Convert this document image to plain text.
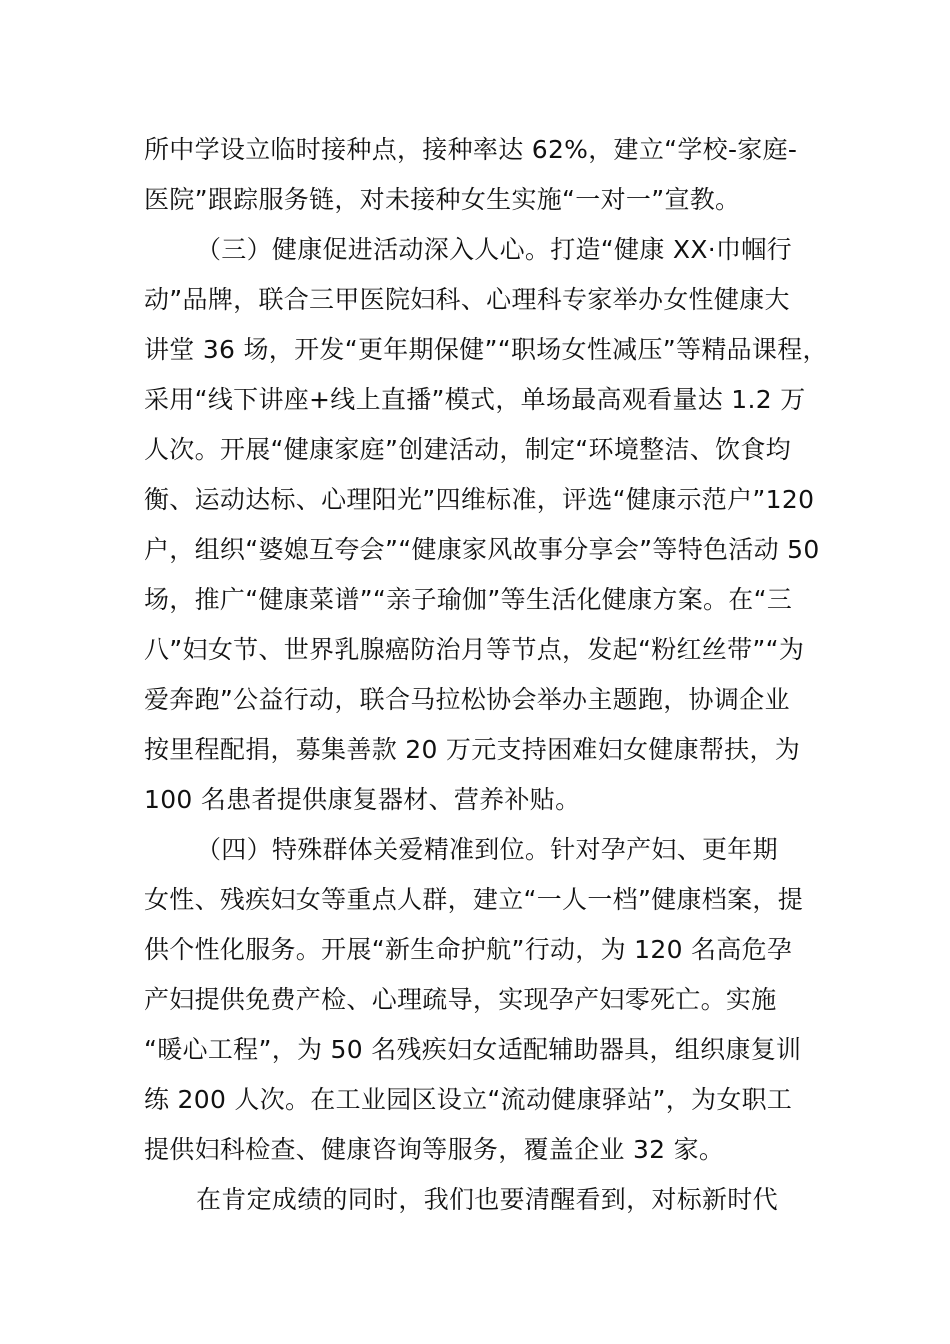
所中学设立临时接种点，接种率达 62%，建立“学校-家庭-
医院”跟踪服务链，对未接种女生实施“一对一”宣教。
（三）健康促进活动深入人心。打造“健康 XX·巾帼行
动”品牌，联合三甲医院妇科、心理科专家举办女性健康大
讲堂 36 场，开发“更年期保健”“职场女性减压”等精品课程，
采用“线下讲座+线上直播”模式，单场最高观看量达 1.2 万
人次。开展“健康家庭”创建活动，制定“环境整洁、饮食均
衡、运动达标、心理阳光”四维标准，评选“健康示范户”120
户，组织“婆媳互夸会”“健康家风故事分享会”等特色活动 50
场，推广“健康菜谱”“亲子瑜伽”等生活化健康方案。在“三
八”妇女节、世界乳腺癌防治月等节点，发起“粉红丝带”“为
爱奔跑”公益行动，联合马拉松协会举办主题跑，协调企业
按里程配捐，募集善款 20 万元支持困难妇女健康帮扶，为
100 名患者提供康复器材、营养补贴。
（四）特殊群体关爱精准到位。针对孕产妇、更年期
女性、残疾妇女等重点人群，建立“一人一档”健康档案，提
供个性化服务。开展“新生命护航”行动，为 120 名高危孕
产妇提供免费产检、心理疏导，实现孕产妇零死亡。实施
“暖心工程”，为 50 名残疾妇女适配辅助器具，组织康复训
练 200 人次。在工业园区设立“流动健康驿站”，为女职工
提供妇科检查、健康咨询等服务，覆盖企业 32 家。
在肯定成绩的同时，我们也要清醒看到，对标新时代
